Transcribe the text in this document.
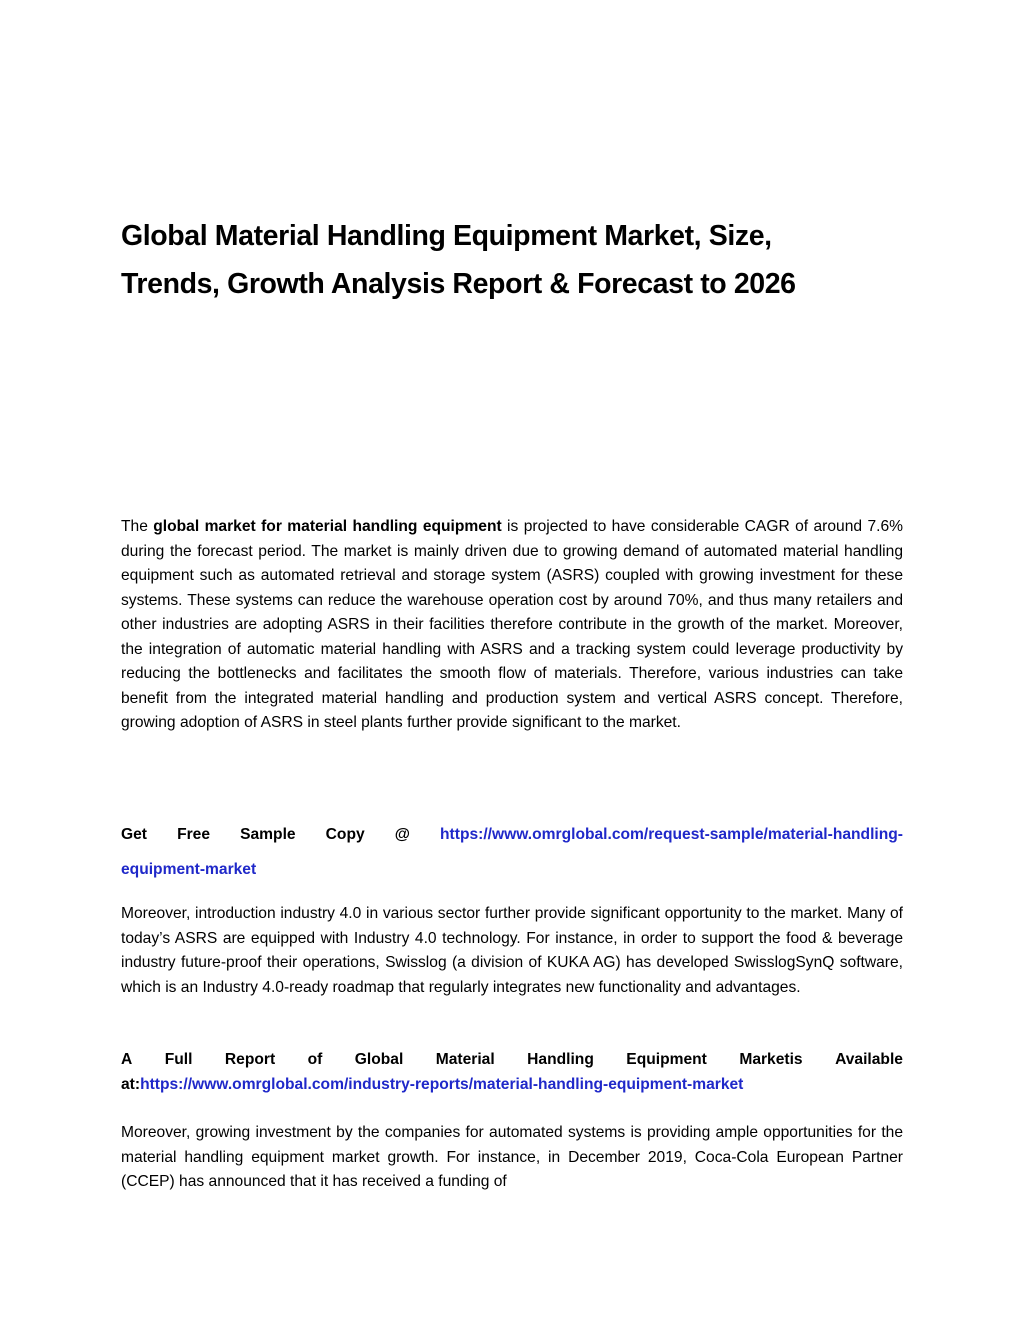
Global Material Handling Equipment Market, Size,
Trends, Growth Analysis Report & Forecast to 2026

The global market for material handling equipment is projected to have considerable CAGR of around 7.6% during the forecast period. The market is mainly driven due to growing demand of automated material handling equipment such as automated retrieval and storage system (ASRS) coupled with growing investment for these systems. These systems can reduce the warehouse operation cost by around 70%, and thus many retailers and other industries are adopting ASRS in their facilities therefore contribute in the growth of the market. Moreover, the integration of automatic material handling with ASRS and a tracking system could leverage productivity by reducing the bottlenecks and facilitates the smooth flow of materials. Therefore, various industries can take benefit from the integrated material handling and production system and vertical ASRS concept. Therefore, growing adoption of ASRS in steel plants further provide significant to the market.

Get Free Sample Copy @ https://www.omrglobal.com/request-sample/material-handling-
equipment-market

Moreover, introduction industry 4.0 in various sector further provide significant opportunity to the market. Many of today’s ASRS are equipped with Industry 4.0 technology. For instance, in order to support the food & beverage industry future-proof their operations, Swisslog (a division of KUKA AG) has developed SwisslogSynQ software, which is an Industry 4.0-ready roadmap that regularly integrates new functionality and advantages.

A Full Report of Global Material Handling Equipment Marketis Available
at:https://www.omrglobal.com/industry-reports/material-handling-equipment-market

Moreover, growing investment by the companies for automated systems is providing ample opportunities for the material handling equipment market growth. For instance, in December 2019, Coca-Cola European Partner (CCEP) has announced that it has received a funding of
